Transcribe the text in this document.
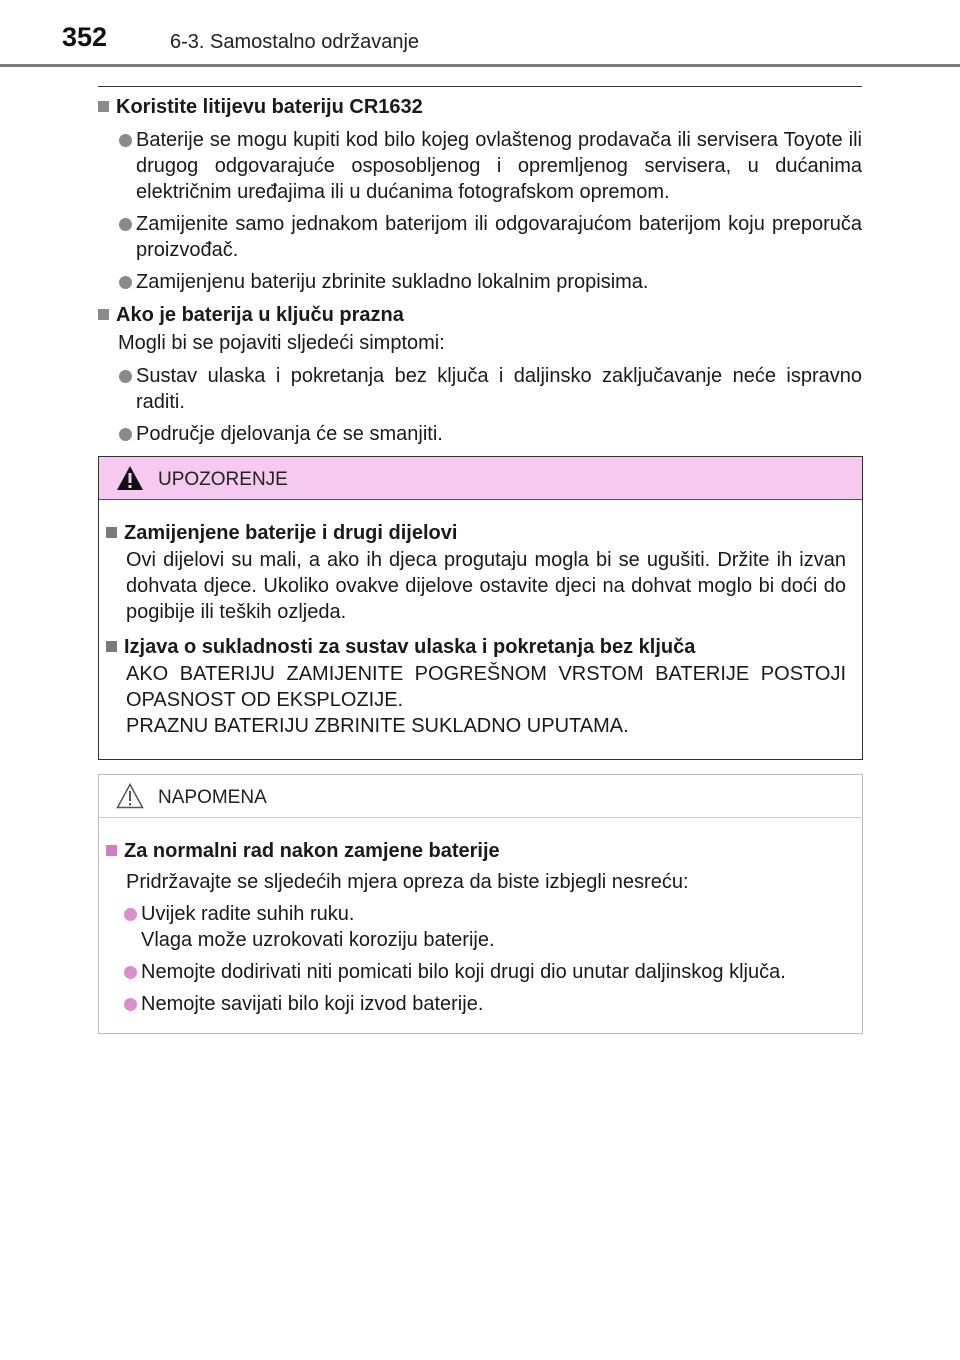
352	6-3. Samostalno održavanje
Koristite litijevu bateriju CR1632
Baterije se mogu kupiti kod bilo kojeg ovlaštenog prodavača ili servisera Toyote ili drugog odgovarajuće osposobljenog i opremljenog servisera, u dućanima električnim uređajima ili u dućanima fotografskom opremom.
Zamijenite samo jednakom baterijom ili odgovarajućom baterijom koju preporuča proizvođač.
Zamijenjenu bateriju zbrinite sukladno lokalnim propisima.
Ako je baterija u ključu prazna

Mogli bi se pojaviti sljedeći simptomi:

Sustav ulaska i pokretanja bez ključa i daljinsko zaključavanje neće ispravno raditi.
Područje djelovanja će se smanjiti.
UPOZORENJE
Zamijenjene baterije i drugi dijelovi

Ovi dijelovi su mali, a ako ih djeca progutaju mogla bi se ugušiti. Držite ih izvan dohvata djece. Ukoliko ovakve dijelove ostavite djeci na dohvat moglo bi doći do pogibije ili teških ozljeda.

Izjava o sukladnosti za sustav ulaska i pokretanja bez ključa

AKO BATERIJU ZAMIJENITE POGREŠNOM VRSTOM BATERIJE POSTOJI OPASNOST OD EKSPLOZIJE.

PRAZNU BATERIJU ZBRINITE SUKLADNO UPUTAMA.

NAPOMENA
Za normalni rad nakon zamjene baterije

Pridržavajte se sljedećih mjera opreza da biste izbjegli nesreću:

Uvijek radite suhih ruku.
Vlaga može uzrokovati koroziju baterije.
Nemojte dodirivati niti pomicati bilo koji drugi dio unutar daljinskog ključa.
Nemojte savijati bilo koji izvod baterije.
